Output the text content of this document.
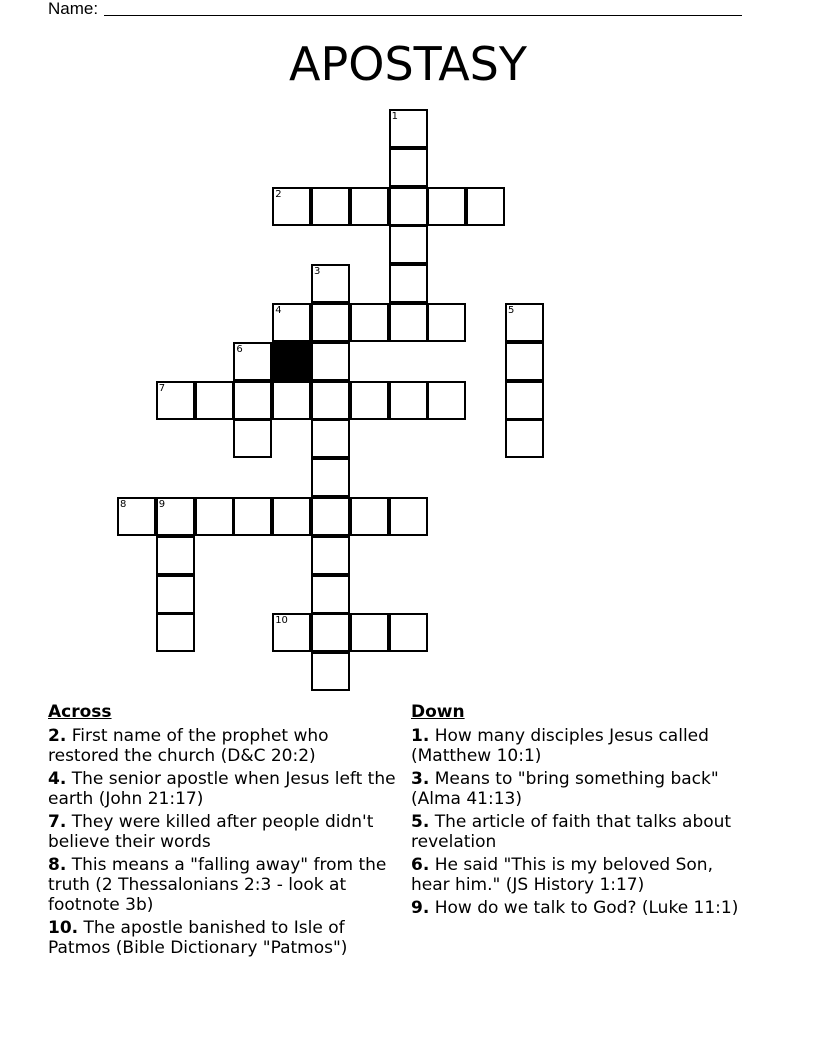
Name:
APOSTASY
1
2
3
4	5
6
7
8	9
10
Across
2. First name of the prophet who restored the church (D&C 20:2)
4. The senior apostle when Jesus left the earth (John 21:17)
7. They were killed after people didn't believe their words
8. This means a "falling away" from the truth (2 Thessalonians 2:3 - look at footnote 3b)
10. The apostle banished to Isle of Patmos (Bible Dictionary "Patmos")
Down
1. How many disciples Jesus called (Matthew 10:1)
3. Means to "bring something back" (Alma 41:13)
5. The article of faith that talks about revelation
6. He said "This is my beloved Son, hear him." (JS History 1:17)
9. How do we talk to God? (Luke 11:1)
